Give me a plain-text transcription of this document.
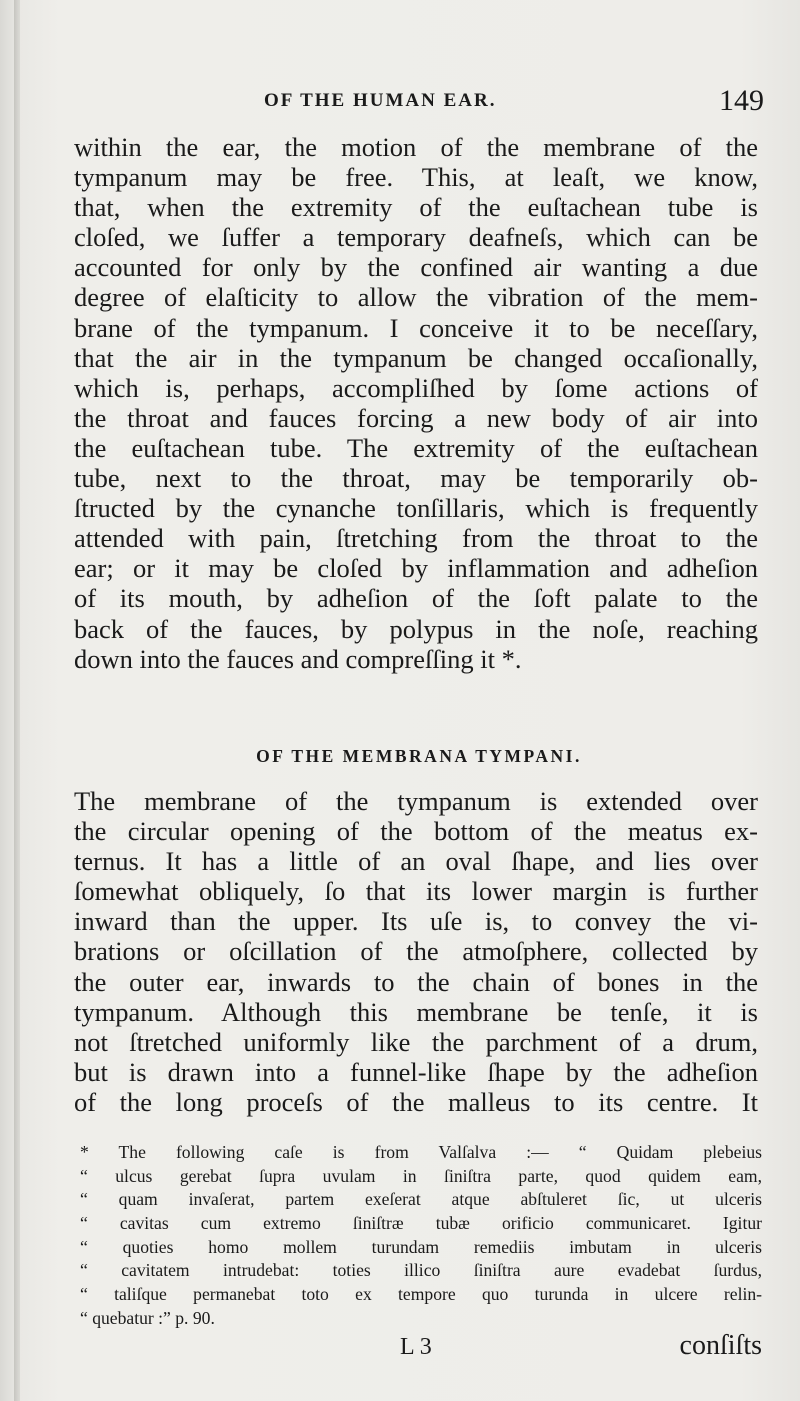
OF THE HUMAN EAR.	149
within the ear, the motion of the membrane of the
tympanum may be free. This, at leaſt, we know,
that, when the extremity of the euſtachean tube is
cloſed, we ſuffer a temporary deafneſs, which can be
accounted for only by the confined air wanting a due
degree of elaſticity to allow the vibration of the mem-
brane of the tympanum. I conceive it to be neceſſary,
that the air in the tympanum be changed occaſionally,
which is, perhaps, accompliſhed by ſome actions of
the throat and fauces forcing a new body of air into
the euſtachean tube. The extremity of the euſtachean
tube, next to the throat, may be temporarily ob-
ſtructed by the cynanche tonſillaris, which is frequently
attended with pain, ſtretching from the throat to the
ear; or it may be cloſed by inflammation and adheſion
of its mouth, by adheſion of the ſoft palate to the
back of the fauces, by polypus in the noſe, reaching
down into the fauces and compreſſing it *.
OF THE MEMBRANA TYMPANI.
The membrane of the tympanum is extended over
the circular opening of the bottom of the meatus ex-
ternus. It has a little of an oval ſhape, and lies over
ſomewhat obliquely, ſo that its lower margin is further
inward than the upper. Its uſe is, to convey the vi-
brations or oſcillation of the atmoſphere, collected by
the outer ear, inwards to the chain of bones in the
tympanum. Although this membrane be tenſe, it is
not ſtretched uniformly like the parchment of a drum,
but is drawn into a funnel-like ſhape by the adheſion
of the long proceſs of the malleus to its centre. It
* The following caſe is from Valſalva :— “ Quidam plebeius
“ ulcus gerebat ſupra uvulam in ſiniſtra parte, quod quidem eam,
“ quam invaſerat, partem exeſerat atque abſtuleret ſic, ut ulceris
“ cavitas cum extremo ſiniſtræ tubæ orificio communicaret. Igitur
“ quoties homo mollem turundam remediis imbutam in ulceris
“ cavitatem intrudebat: toties illico ſiniſtra aure evadebat ſurdus,
“ taliſque permanebat toto ex tempore quo turunda in ulcere relin-
“ quebatur :” p. 90.
L 3	conſiſts
